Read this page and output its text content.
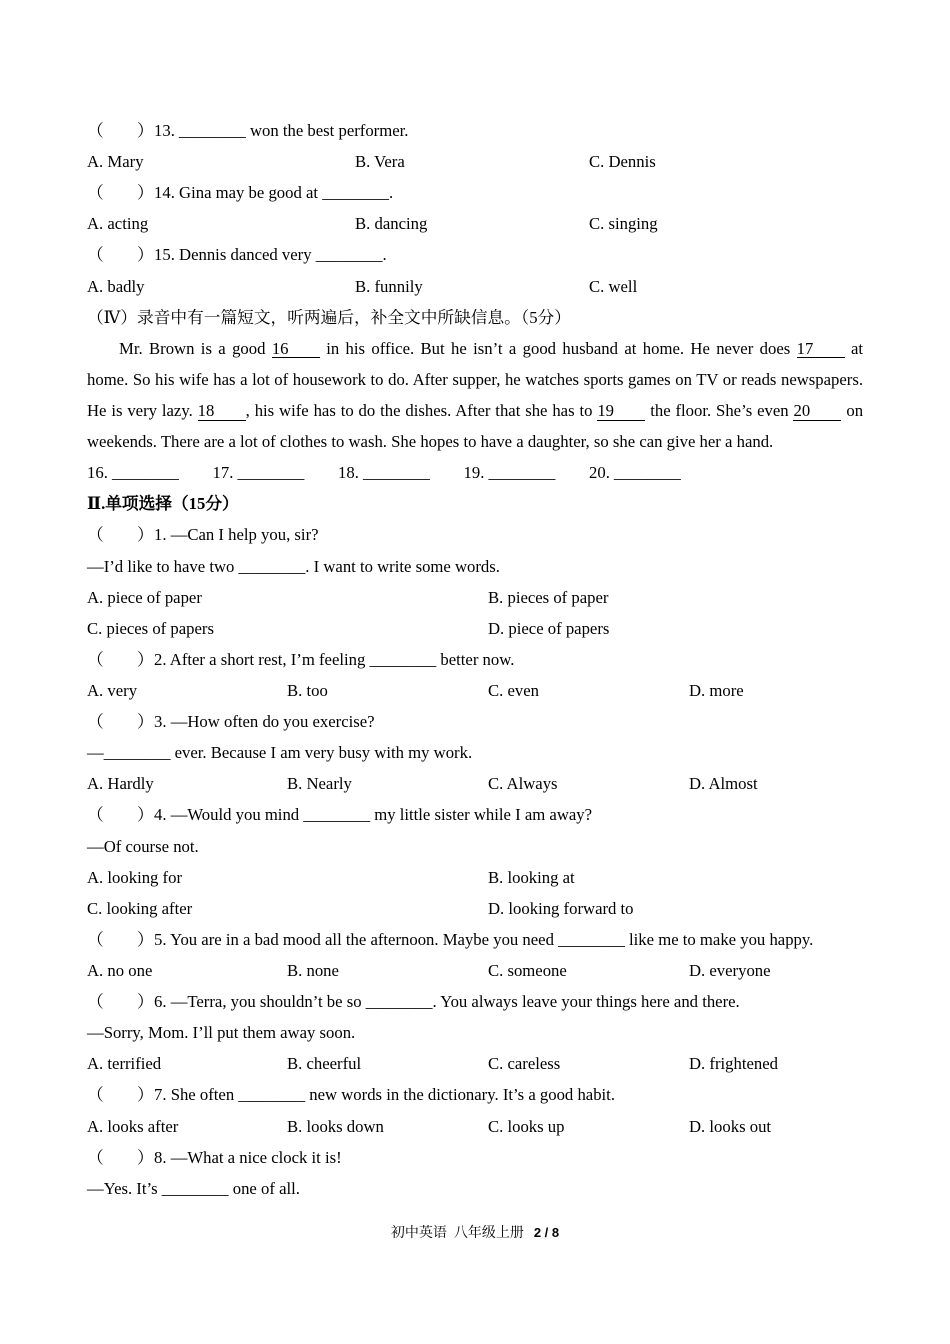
（　　）13. ________ won the best performer.
A. Mary	B. Vera	C. Dennis
（　　）14. Gina may be good at ________.
A. acting	B. dancing	C. singing
（　　）15. Dennis danced very ________.
A. badly	B. funnily	C. well
（Ⅳ）录音中有一篇短文，听两遍后，补全文中所缺信息。（5分）
Mr. Brown is a good 16 in his office. But he isn’t a good husband at home. He never does 17 at
home. So his wife has a lot of housework to do. After supper, he watches sports games on TV or reads newspapers.
He is very lazy. 18 , his wife has to do the dishes. After that she has to 19 the floor. She’s even 20 on
weekends. There are a lot of clothes to wash. She hopes to have a daughter, so she can give her a hand.
16. ________ 17. ________ 18. ________ 19. ________ 20. ________
Ⅱ.单项选择（15分）
（　　）1. —Can I help you, sir?
—I’d like to have two ________. I want to write some words.
A. piece of paper	B. pieces of paper
C. pieces of papers	D. piece of papers
（　　）2. After a short rest, I’m feeling ________ better now.
A. very	B. too	C. even	D. more
（　　）3. —How often do you exercise?
—________ ever. Because I am very busy with my work.
A. Hardly	B. Nearly	C. Always	D. Almost
（　　）4. —Would you mind ________ my little sister while I am away?
—Of course not.
A. looking for	B. looking at
C. looking after	D. looking forward to
（　　）5. You are in a bad mood all the afternoon. Maybe you need ________ like me to make you happy.
A. no one	B. none	C. someone	D. everyone
（　　）6. —Terra, you shouldn’t be so ________. You always leave your things here and there.
—Sorry, Mom. I’ll put them away soon.
A. terrified	B. cheerful	C. careless	D. frightened
（　　）7. She often ________ new words in the dictionary. It’s a good habit.
A. looks after	B. looks down	C. looks up	D. looks out
（　　）8. —What a nice clock it is!
—Yes. It’s ________ one of all.
初中英语  八年级上册 2 / 8
